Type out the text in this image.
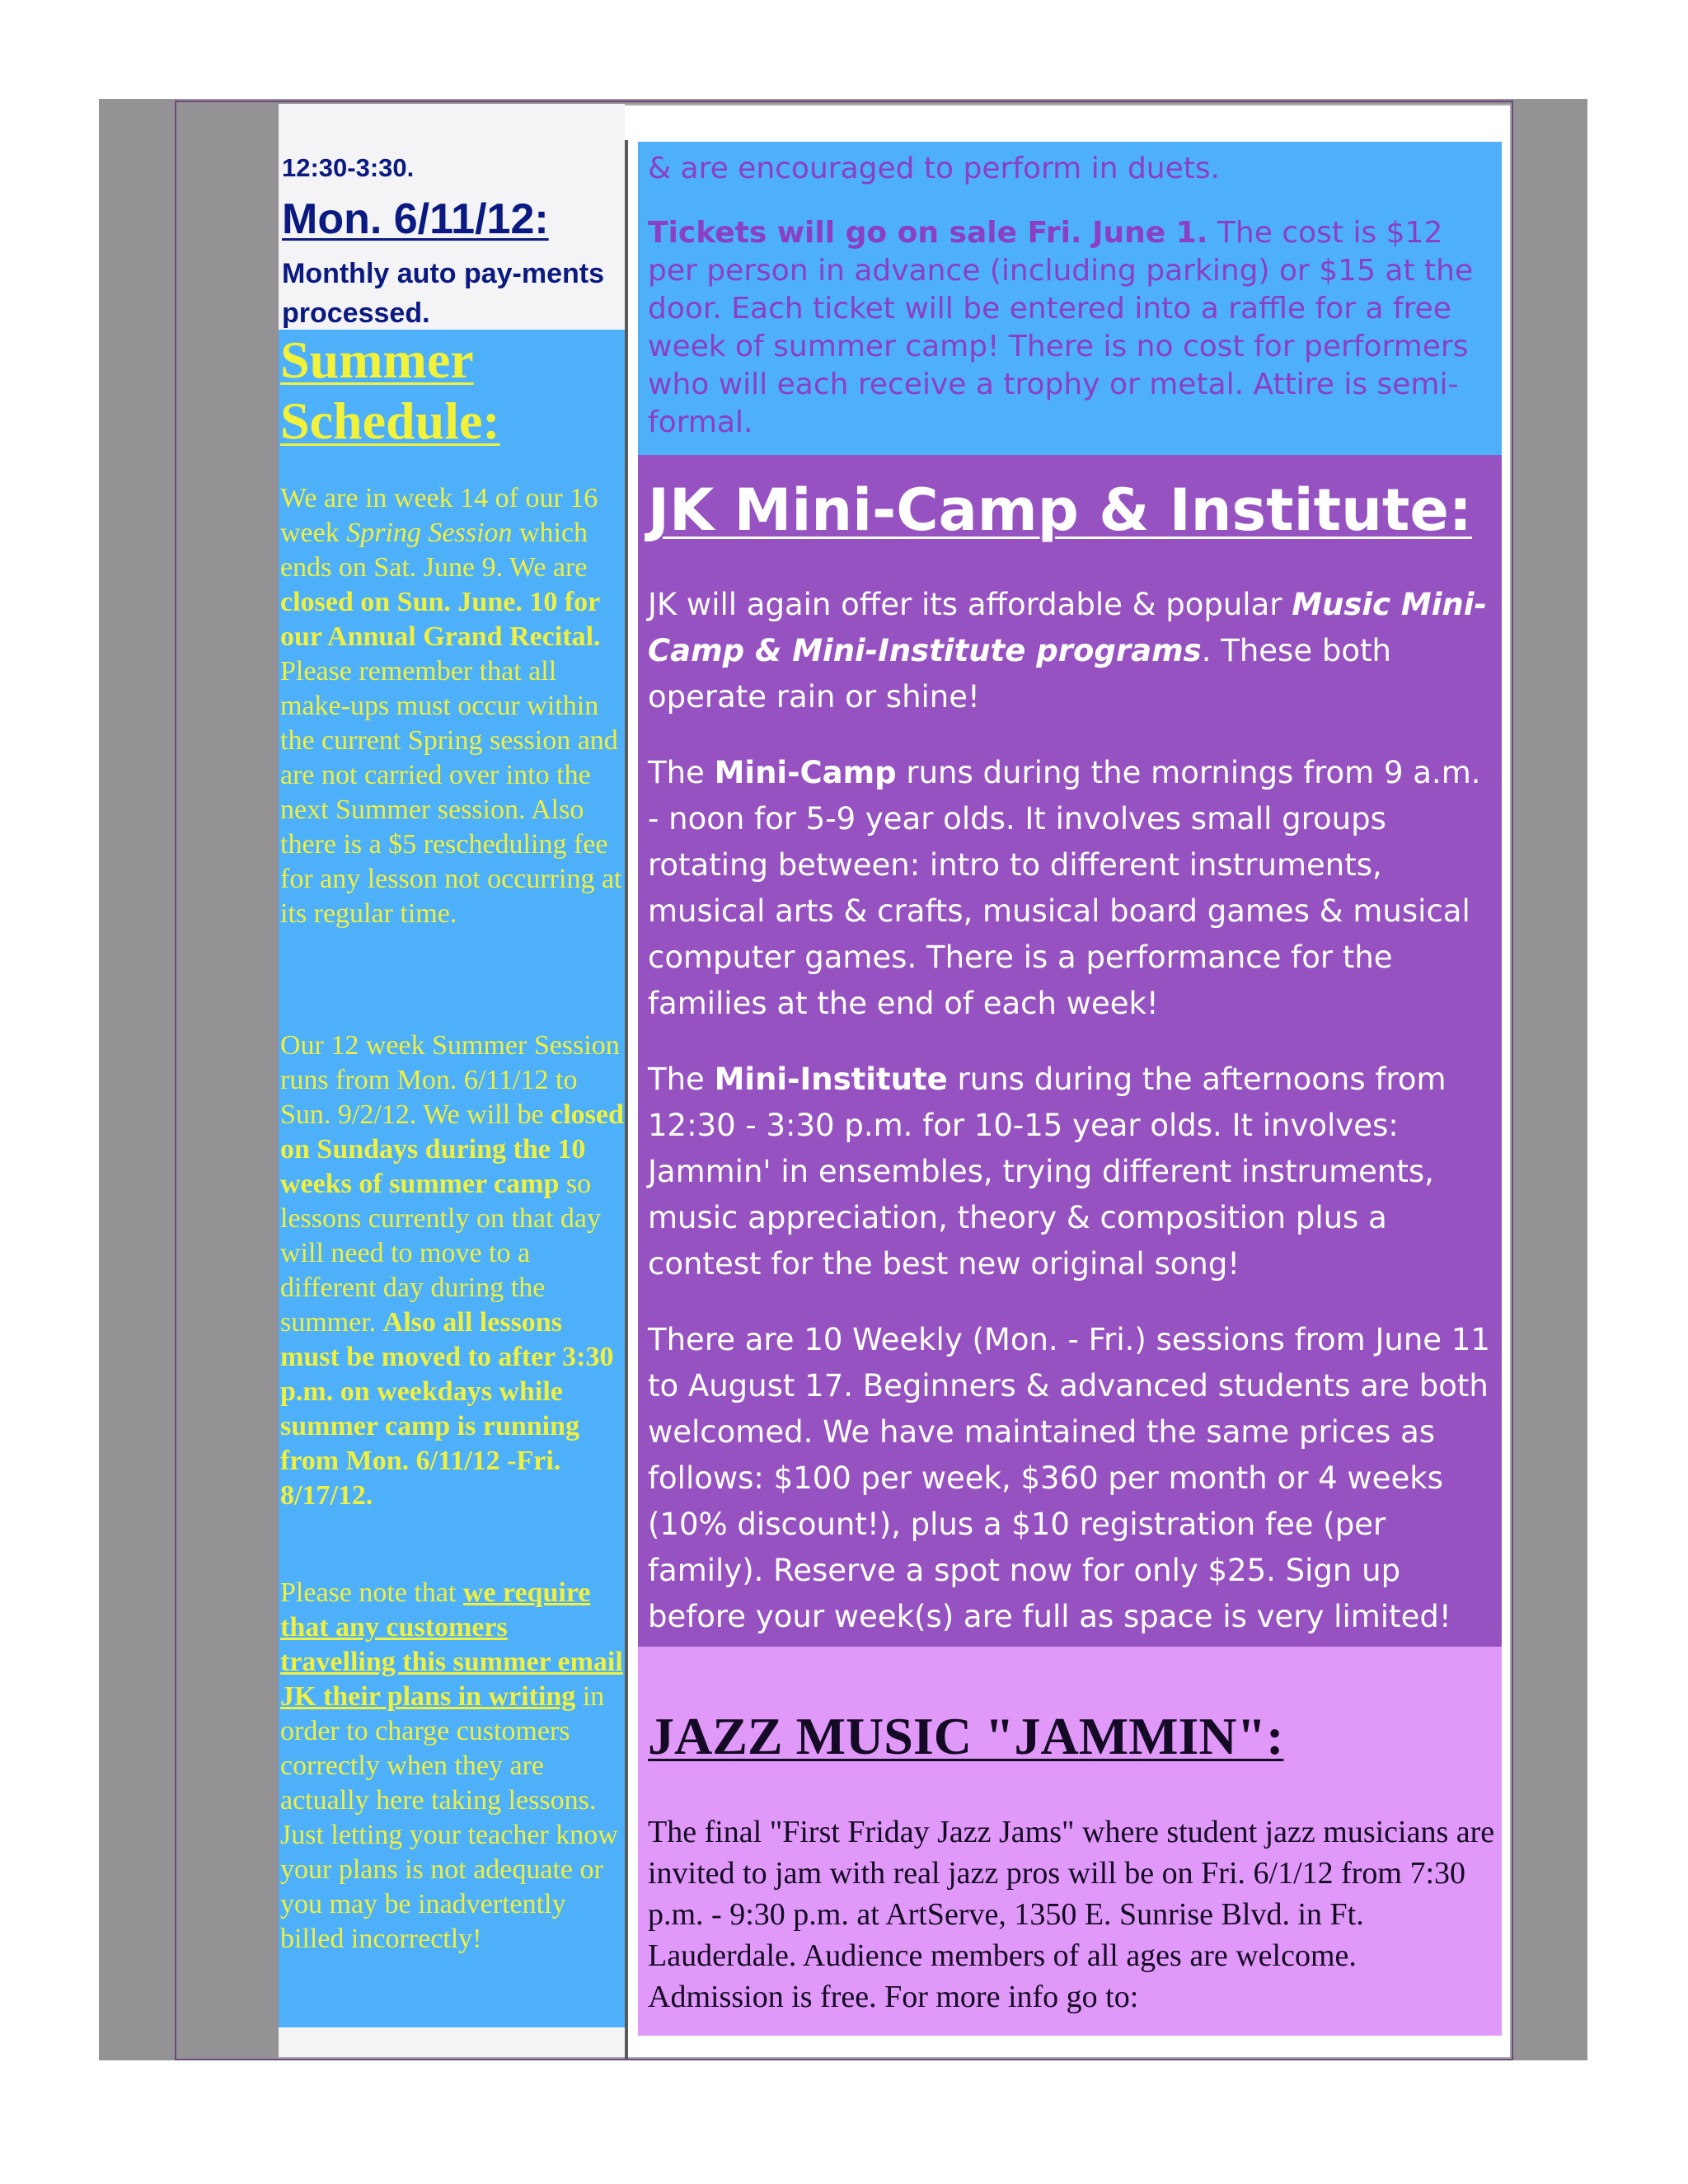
12:30-3:30.

Mon. 6/11/12:

Monthly auto pay-ments processed.

Summer Schedule:

We are in week 14 of our 16 week Spring Session which ends on Sat. June 9. We are closed on Sun. June. 10 for our Annual Grand Recital. Please remember that all make-ups must occur within the current Spring session and are not carried over into the next Summer session. Also there is a $5 rescheduling fee for any lesson not occurring at its regular time.

Our 12 week Summer Session runs from Mon. 6/11/12 to Sun. 9/2/12. We will be closed on Sundays during the 10 weeks of summer camp so lessons currently on that day will need to move to a different day during the summer. Also all lessons must be moved to after 3:30 p.m. on weekdays while summer camp is running from Mon. 6/11/12 -Fri. 8/17/12.

Please note that we require that any customers travelling this summer email JK their plans in writing in order to charge customers correctly when they are actually here taking lessons. Just letting your teacher know your plans is not adequate or you may be inadvertently billed incorrectly!

& are encouraged to perform in duets.

Tickets will go on sale Fri. June 1. The cost is $12 per person in advance (including parking) or $15 at the door. Each ticket will be entered into a raffle for a free week of summer camp! There is no cost for performers who will each receive a trophy or metal. Attire is semi-formal.

JK Mini-Camp & Institute:

JK will again offer its affordable & popular Music Mini-Camp & Mini-Institute programs. These both operate rain or shine!

The Mini-Camp runs during the mornings from 9 a.m. - noon for 5-9 year olds. It involves small groups rotating between: intro to different instruments, musical arts & crafts, musical board games & musical computer games. There is a performance for the families at the end of each week!

The Mini-Institute runs during the afternoons from 12:30 - 3:30 p.m. for 10-15 year olds. It involves: Jammin' in ensembles, trying different instruments, music appreciation, theory & composition plus a contest for the best new original song!

There are 10 Weekly (Mon. - Fri.) sessions from June 11 to August 17. Beginners & advanced students are both welcomed. We have maintained the same prices as follows: $100 per week, $360 per month or 4 weeks (10% discount!), plus a $10 registration fee (per family). Reserve a spot now for only $25. Sign up before your week(s) are full as space is very limited!

JAZZ MUSIC "JAMMIN":

The final "First Friday Jazz Jams" where student jazz musicians are invited to jam with real jazz pros will be on Fri. 6/1/12 from 7:30 p.m. - 9:30 p.m. at ArtServe, 1350 E. Sunrise Blvd. in Ft. Lauderdale. Audience members of all ages are welcome. Admission is free. For more info go to:
